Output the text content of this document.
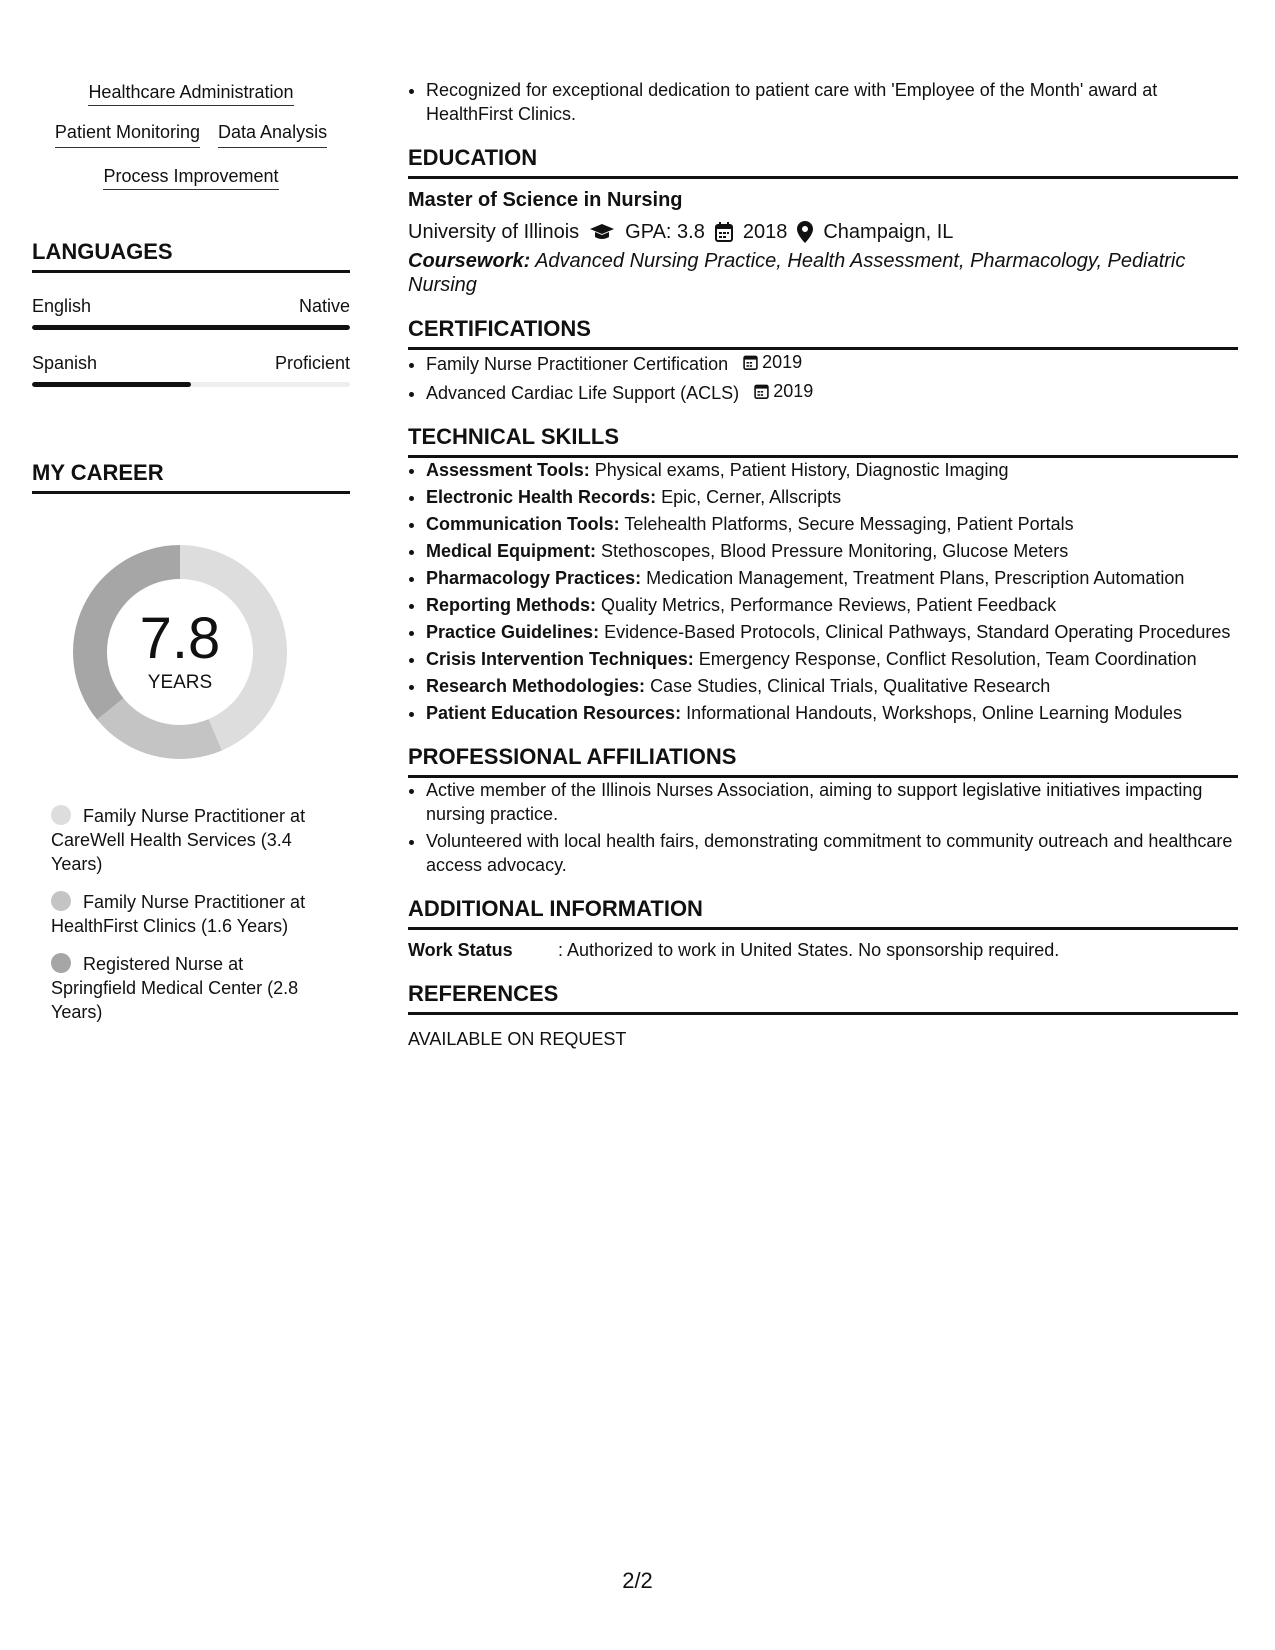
Healthcare Administration
Patient Monitoring Data Analysis
Process Improvement
LANGUAGES
English	Native
Spanish	Proficient
MY CAREER
7.8
YEARS
Family Nurse Practitioner at CareWell Health Services (3.4 Years)
Family Nurse Practitioner at HealthFirst Clinics (1.6 Years)
Registered Nurse at Springfield Medical Center (2.8 Years)
• Recognized for exceptional dedication to patient care with 'Employee of the Month' award at HealthFirst Clinics.
EDUCATION
Master of Science in Nursing
University of Illinois GPA: 3.8 2018 Champaign, IL
Coursework: Advanced Nursing Practice, Health Assessment, Pharmacology, Pediatric Nursing
CERTIFICATIONS
• Family Nurse Practitioner Certification 2019
• Advanced Cardiac Life Support (ACLS) 2019
TECHNICAL SKILLS
• Assessment Tools: Physical exams, Patient History, Diagnostic Imaging
• Electronic Health Records: Epic, Cerner, Allscripts
• Communication Tools: Telehealth Platforms, Secure Messaging, Patient Portals
• Medical Equipment: Stethoscopes, Blood Pressure Monitoring, Glucose Meters
• Pharmacology Practices: Medication Management, Treatment Plans, Prescription Automation
• Reporting Methods: Quality Metrics, Performance Reviews, Patient Feedback
• Practice Guidelines: Evidence-Based Protocols, Clinical Pathways, Standard Operating Procedures
• Crisis Intervention Techniques: Emergency Response, Conflict Resolution, Team Coordination
• Research Methodologies: Case Studies, Clinical Trials, Qualitative Research
• Patient Education Resources: Informational Handouts, Workshops, Online Learning Modules
PROFESSIONAL AFFILIATIONS
• Active member of the Illinois Nurses Association, aiming to support legislative initiatives impacting nursing practice.
• Volunteered with local health fairs, demonstrating commitment to community outreach and healthcare access advocacy.
ADDITIONAL INFORMATION
Work Status	: Authorized to work in United States. No sponsorship required.
REFERENCES
AVAILABLE ON REQUEST
2/2
